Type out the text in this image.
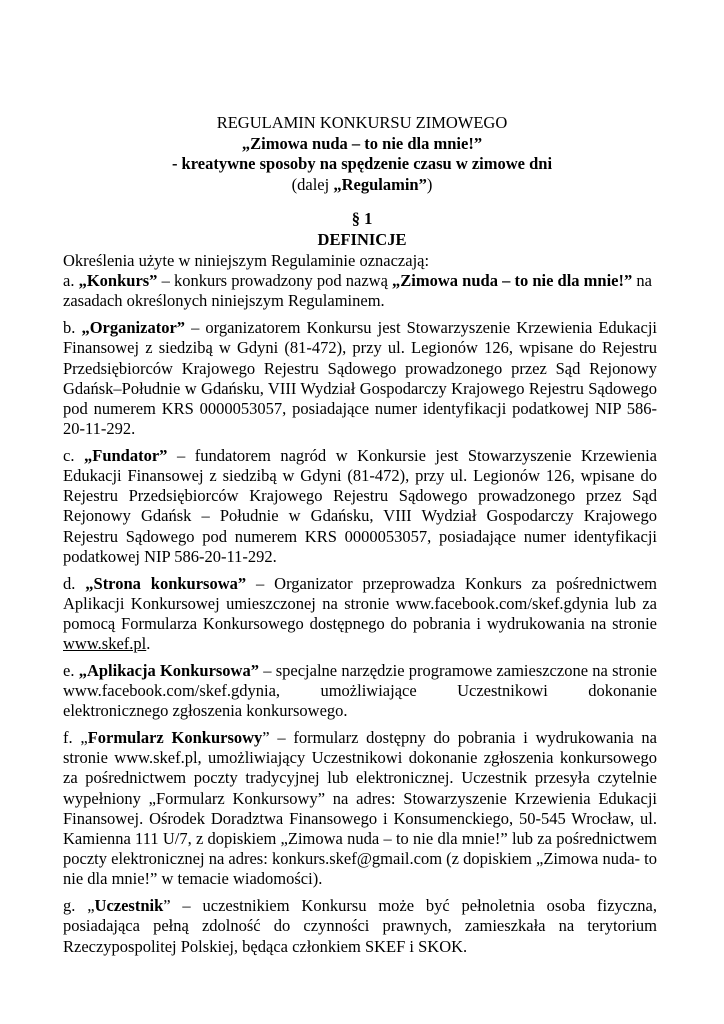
REGULAMIN KONKURSU ZIMOWEGO
„Zimowa nuda – to nie dla mnie!”
- kreatywne sposoby na spędzenie czasu w zimowe dni
(dalej „Regulamin”)
§ 1
DEFINICJE

Określenia użyte w niniejszym Regulaminie oznaczają:

a. „Konkurs” – konkurs prowadzony pod nazwą „Zimowa nuda – to nie dla mnie!” na zasadach określonych niniejszym Regulaminem.

b. „Organizator” – organizatorem Konkursu jest Stowarzyszenie Krzewienia Edukacji Finansowej z siedzibą w Gdyni (81-472), przy ul. Legionów 126, wpisane do Rejestru Przedsiębiorców Krajowego Rejestru Sądowego prowadzonego przez Sąd Rejonowy Gdańsk–Południe w Gdańsku, VIII Wydział Gospodarczy Krajowego Rejestru Sądowego pod numerem KRS 0000053057, posiadające numer identyfikacji podatkowej NIP 586-20-11-292.

c. „Fundator” – fundatorem nagród w Konkursie jest Stowarzyszenie Krzewienia Edukacji Finansowej z siedzibą w Gdyni (81-472), przy ul. Legionów 126, wpisane do Rejestru Przedsiębiorców Krajowego Rejestru Sądowego prowadzonego przez Sąd Rejonowy Gdańsk – Południe w Gdańsku, VIII Wydział Gospodarczy Krajowego Rejestru Sądowego pod numerem KRS 0000053057, posiadające numer identyfikacji podatkowej NIP 586-20-11-292.

d. „Strona konkursowa” – Organizator przeprowadza Konkurs za pośrednictwem Aplikacji Konkursowej umieszczonej na stronie www.facebook.com/skef.gdynia lub za pomocą Formularza Konkursowego dostępnego do pobrania i wydrukowania na stronie www.skef.pl.

e. „Aplikacja Konkursowa” – specjalne narzędzie programowe zamieszczone na stronie www.facebook.com/skef.gdynia, umożliwiające Uczestnikowi dokonanie elektronicznego zgłoszenia konkursowego.

f. „Formularz Konkursowy” – formularz dostępny do pobrania i wydrukowania na stronie www.skef.pl, umożliwiający Uczestnikowi dokonanie zgłoszenia konkursowego za pośrednictwem poczty tradycyjnej lub elektronicznej. Uczestnik przesyła czytelnie wypełniony „Formularz Konkursowy” na adres: Stowarzyszenie Krzewienia Edukacji Finansowej. Ośrodek Doradztwa Finansowego i Konsumenckiego, 50-545 Wrocław, ul. Kamienna 111 U/7, z dopiskiem „Zimowa nuda – to nie dla mnie!” lub za pośrednictwem poczty elektronicznej na adres: konkurs.skef@gmail.com (z dopiskiem „Zimowa nuda- to nie dla mnie!” w temacie wiadomości).

g. „Uczestnik” – uczestnikiem Konkursu może być pełnoletnia osoba fizyczna, posiadająca pełną zdolność do czynności prawnych, zamieszkała na terytorium Rzeczypospolitej Polskiej, będąca członkiem SKEF i SKOK.
